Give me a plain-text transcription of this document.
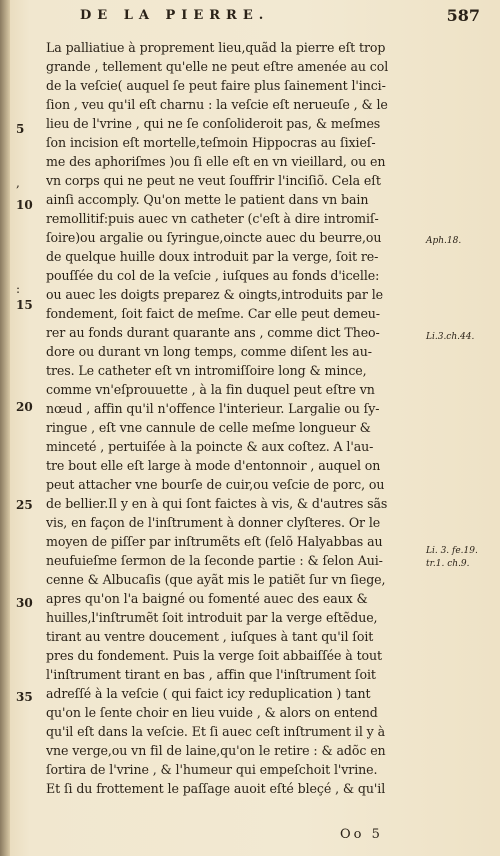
DE LA PIERRE.	587
5
10
15
20
25
30
35
,
:
Aph.18.
Li.3.ch.44.
Li. 3. fe.19.
tr.1. ch.9.
La palliatiue à proprement lieu,quãd la pierre eſt trop
grande , tellement qu'elle ne peut eſtre amenée au col
de la veſcie( auquel ſe peut faire plus ſainement l'inci-
ſion , veu qu'il eſt charnu : la veſcie eſt nerueuſe , & le
lieu de l'vrine , qui ne ſe conſolideroit pas, & meſmes
ſon incision eſt mortelle,teſmoin Hippocras au ſixieſ-
me des aphoriſmes )ou ſi elle eſt en vn vieillard, ou en
vn corps qui ne peut ne veut ſouffrir l'inciſiõ. Cela eſt
ainſi accomply. Qu'on mette le patient dans vn bain
remollitif:puis auec vn catheter (c'eſt à dire intromiſ-
ſoire)ou argalie ou ſyringue,oincte auec du beurre,ou
de quelque huille doux introduit par la verge, ſoit re-
pouſſée du col de la veſcie , iuſques au fonds d'icelle:
ou auec les doigts preparez & oingts,introduits par le
fondement, ſoit faict de meſme. Car elle peut demeu-
rer au fonds durant quarante ans , comme dict Theo-
dore ou durant vn long temps, comme diſent les au-
tres. Le catheter eſt vn intromiſſoire long & mince,
comme vn'eſprouuette , à la fin duquel peut eſtre vn
nœud , affin qu'il n'offence l'interieur. Largalie ou ſy-
ringue , eſt vne cannule de celle meſme longueur &
minceté , pertuiſée à la poincte & aux coſtez. A l'au-
tre bout elle eſt large à mode d'entonnoir , auquel on
peut attacher vne bourſe de cuir,ou veſcie de porc, ou
de bellier.Il y en à qui ſont faictes à vis, & d'autres sãs
vis, en façon de l'inſtrument à donner clyſteres. Or le
moyen de piſſer par inſtrumẽts eſt (ſelõ Halyabbas au
neufuieſme ſermon de la ſeconde partie : & ſelon Aui-
cenne & Albucaſis (que ayãt mis le patiẽt ſur vn ſiege,
apres qu'on l'a baigné ou fomenté auec des eaux &
huilles,l'inſtrumẽt ſoit introduit par la verge eſtẽdue,
tirant au ventre doucement , iuſques à tant qu'il ſoit
pres du fondement. Puis la verge ſoit abbaiſſée à tout
l'inſtrument tirant en bas , affin que l'inſtrument ſoit
adreſſé à la veſcie ( qui faict icy reduplication ) tant
qu'on le ſente choir en lieu vuide , & alors on entend
qu'il eſt dans la veſcie. Et ſi auec ceſt inſtrument il y à
vne verge,ou vn fil de laine,qu'on le retire : & adõc en
ſortira de l'vrine , & l'humeur qui empeſchoit l'vrine.
Et ſi du frottement le paſſage auoit eſté bleçé , & qu'il
Oo 5
